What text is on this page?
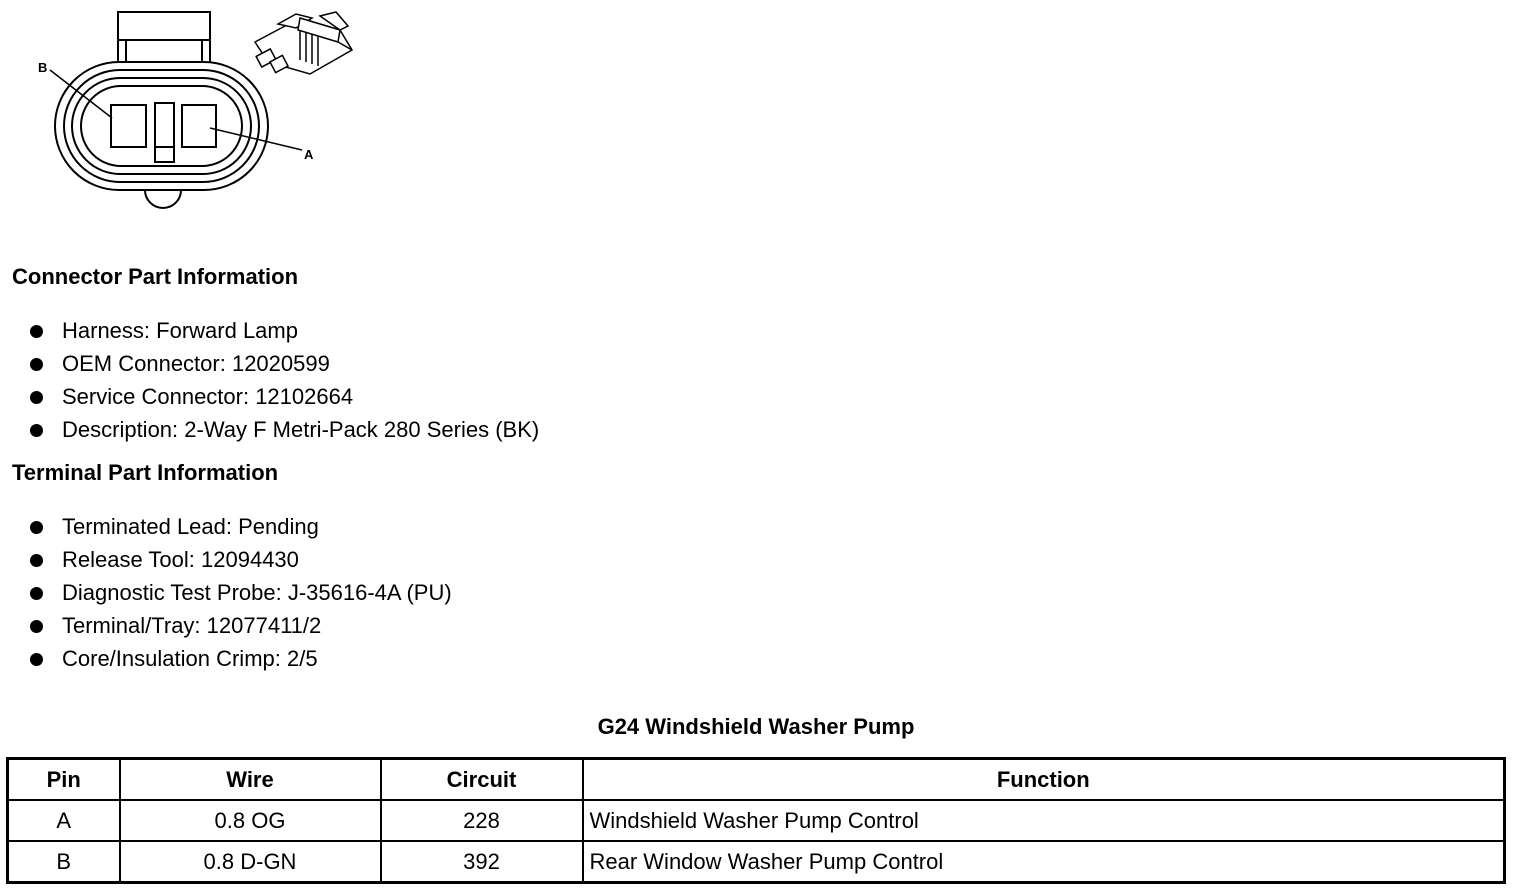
B
A
Connector Part Information
Harness: Forward Lamp
OEM Connector: 12020599
Service Connector: 12102664
Description: 2-Way F Metri-Pack 280 Series (BK)
Terminal Part Information
Terminated Lead: Pending
Release Tool: 12094430
Diagnostic Test Probe: J-35616-4A (PU)
Terminal/Tray: 12077411/2
Core/Insulation Crimp: 2/5
G24 Windshield Washer Pump
Pin	Wire	Circuit	Function
A	0.8 OG	228	Windshield Washer Pump Control
B	0.8 D-GN	392	Rear Window Washer Pump Control
